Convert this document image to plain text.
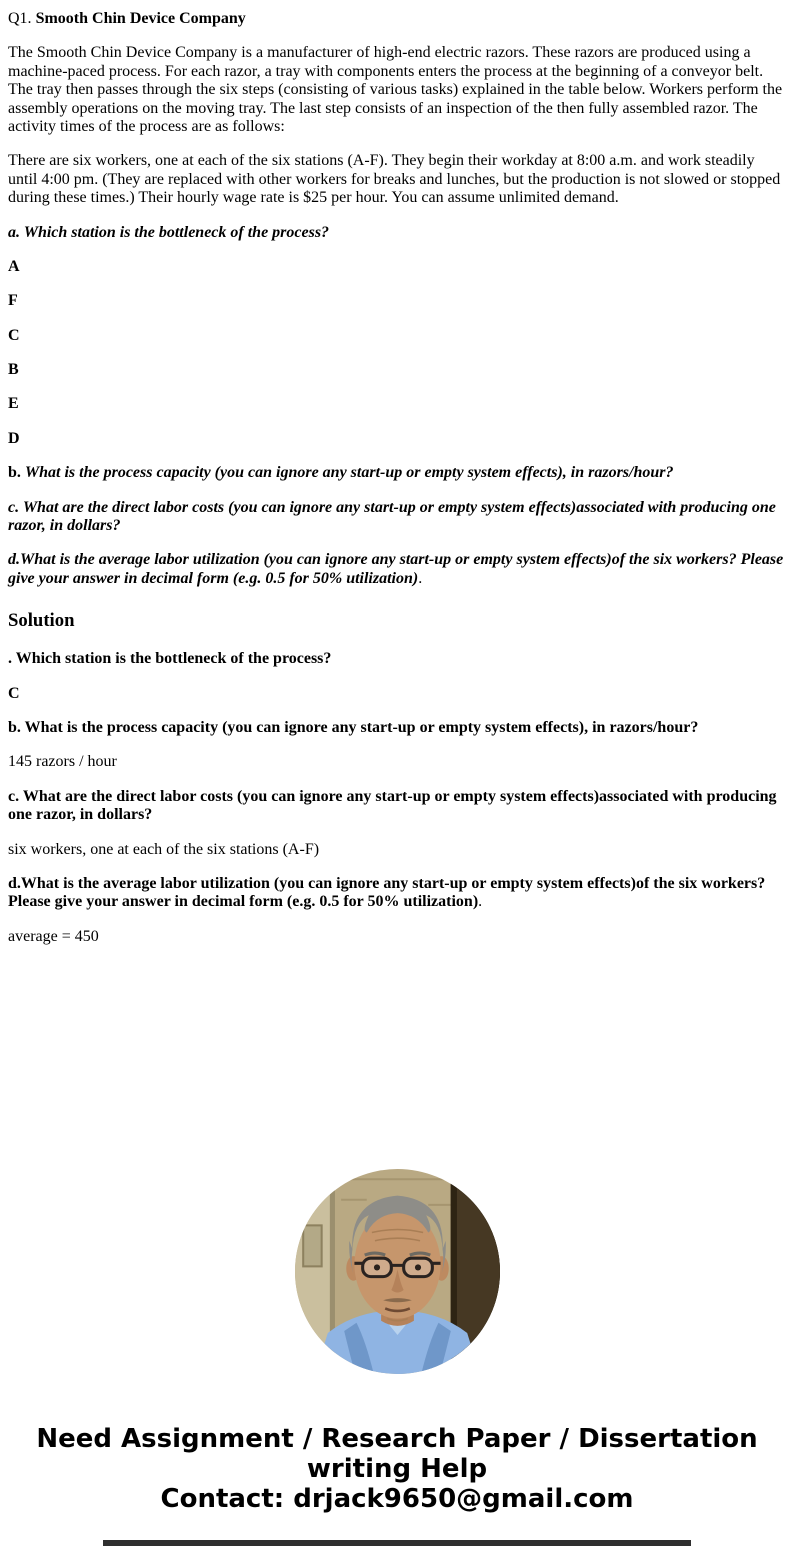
Q1. Smooth Chin Device Company

The Smooth Chin Device Company is a manufacturer of high-end electric razors. These razors are produced using a machine-paced process. For each razor, a tray with components enters the process at the beginning of a conveyor belt. The tray then passes through the six steps (consisting of various tasks) explained in the table below. Workers perform the assembly operations on the moving tray. The last step consists of an inspection of the then fully assembled razor. The activity times of the process are as follows:

There are six workers, one at each of the six stations (A-F). They begin their workday at 8:00 a.m. and work steadily until 4:00 pm. (They are replaced with other workers for breaks and lunches, but the production is not slowed or stopped during these times.) Their hourly wage rate is $25 per hour. You can assume unlimited demand.

a. Which station is the bottleneck of the process?

A

F

C

B

E

D

b. What is the process capacity (you can ignore any start-up or empty system effects), in razors/hour?

c. What are the direct labor costs (you can ignore any start-up or empty system effects)associated with producing one razor, in dollars?

d.What is the average labor utilization (you can ignore any start-up or empty system effects)of the six workers? Please give your answer in decimal form (e.g. 0.5 for 50% utilization).

Solution

. Which station is the bottleneck of the process?

C

b. What is the process capacity (you can ignore any start-up or empty system effects), in razors/hour?

145 razors / hour

c. What are the direct labor costs (you can ignore any start-up or empty system effects)associated with producing one razor, in dollars?

six workers, one at each of the six stations (A-F)

d.What is the average labor utilization (you can ignore any start-up or empty system effects)of the six workers? Please give your answer in decimal form (e.g. 0.5 for 50% utilization).

average = 450

Need Assignment / Research Paper / Dissertation writing Help
Contact: drjack9650@gmail.com
